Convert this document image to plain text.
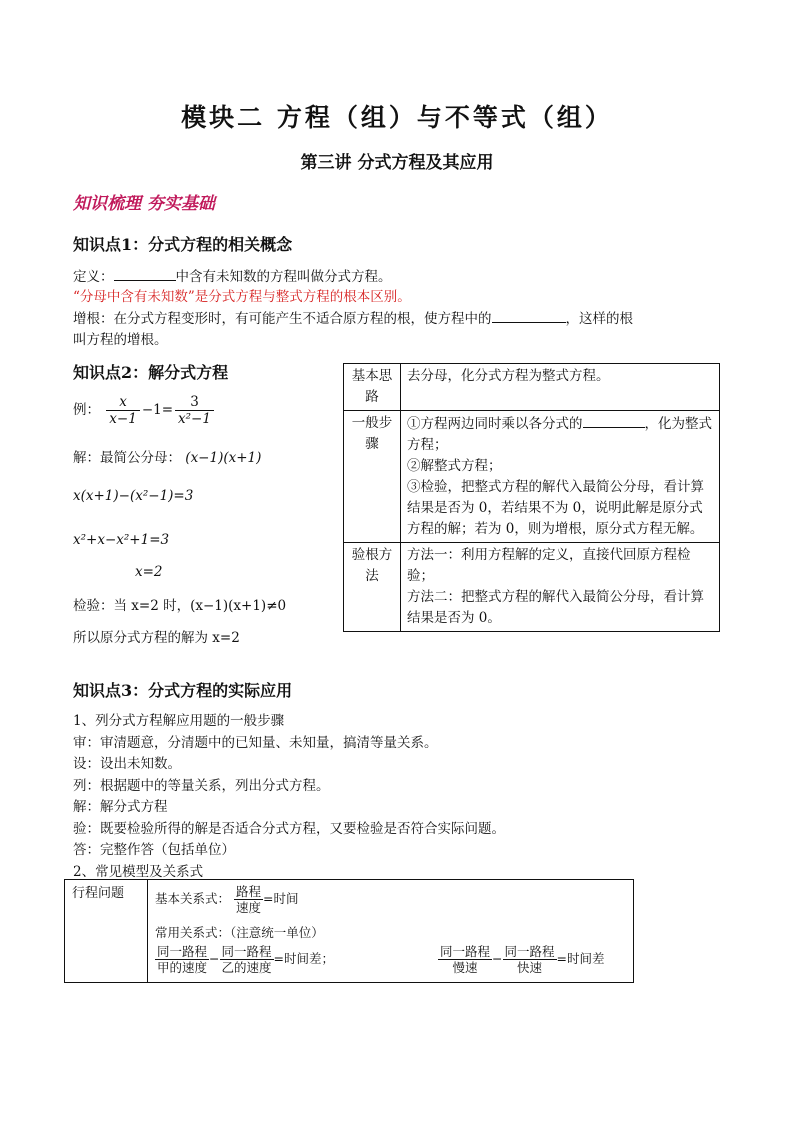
模块二 方程（组）与不等式（组）
第三讲 分式方程及其应用
知识梳理 夯实基础
知识点1：分式方程的相关概念
定义：	中含有未知数的方程叫做分式方程。
“分母中含有未知数”是分式方程与整式方程的根本区别。
增根：在分式方程变形时，有可能产生不适合原方程的根，使方程中的	，这样的根
叫方程的增根。
知识点2：解分式方程
例： $\frac{x}{x-1} -1= \frac{3}{\text{x²−1}}$
解：最简公分母： (x−1)(x+1)
x(x+1)−(x²−1)=3
x²+x−x²+1=3
x=2
检验：当 x=2 时，(x−1)(x+1)≠0
所以原分式方程的解为 x=2
基本思路	去分母，化分式方程为整式方程。
一般步骤	①方程两边同时乘以各分式的 ，化为整式方程；
②解整式方程；
③检验，把整式方程的解代入最简公分母，看计算结果是否为 0，若结果不为 0，说明此解是原分式方程的解；若为 0，则为增根，原分式方程无解。
验根方法	方法一：利用方程解的定义，直接代回原方程检验；
方法二：把整式方程的解代入最简公分母，看计算结果是否为 0。
知识点3：分式方程的实际应用
1、列分式方程解应用题的一般步骤
审：审清题意，分清题中的已知量、未知量，搞清等量关系。
设：设出未知数。
列：根据题中的等量关系，列出分式方程。
解：解分式方程
验：既要检验所得的解是否适合分式方程，又要检验是否符合实际问题。
答：完整作答（包括单位）
2、常见模型及关系式
行程问题	基本关系式： 路程
速度
=时间
常用关系式：（注意统一单位）
同一路程
甲的速度
− 同一路程
乙的速度
=时间差；	同一路程
慢速
− 同一路程
快速
=时间差
